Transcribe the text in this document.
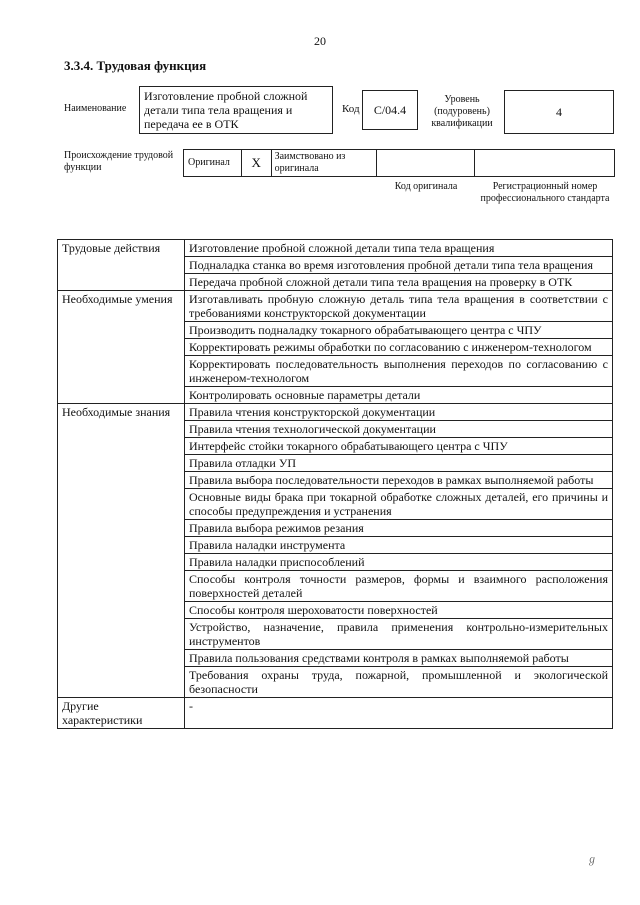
20
3.3.4. Трудовая функция
Наименование
Изготовление пробной сложной детали типа тела вращения и передача ее в ОТК
Код	C/04.4
Уровень (подуровень) квалификации
4
Происхождение трудовой функции	Оригинал	X	Заимствовано из оригинала
Код оригинала	Регистрационный номер профессионального стандарта
Трудовые действия	Изготовление пробной сложной детали типа тела вращения
	Подналадка станка во время изготовления пробной детали типа тела вращения
	Передача пробной сложной детали типа тела вращения на проверку в ОТК
Необходимые умения	Изготавливать пробную сложную деталь типа тела вращения в соответствии с требованиями конструкторской документации
	Производить подналадку токарного обрабатывающего центра с ЧПУ
	Корректировать режимы обработки по согласованию с инженером-технологом
	Корректировать последовательность выполнения переходов по согласованию с инженером-технологом
	Контролировать основные параметры детали
Необходимые знания	Правила чтения конструкторской документации
	Правила чтения технологической документации
	Интерфейс стойки токарного обрабатывающего центра с ЧПУ
	Правила отладки УП
	Правила выбора последовательности переходов в рамках выполняемой работы
	Основные виды брака при токарной обработке сложных деталей, его причины и способы предупреждения и устранения
	Правила выбора режимов резания
	Правила наладки инструмента
	Правила наладки приспособлений
	Способы контроля точности размеров, формы и взаимного расположения поверхностей деталей
	Способы контроля шероховатости поверхностей
	Устройство, назначение, правила применения контрольно-измерительных инструментов
	Правила пользования средствами контроля в рамках выполняемой работы
	Требования охраны труда, пожарной, промышленной и экологической безопасности
Другие характеристики	-
ℊ
